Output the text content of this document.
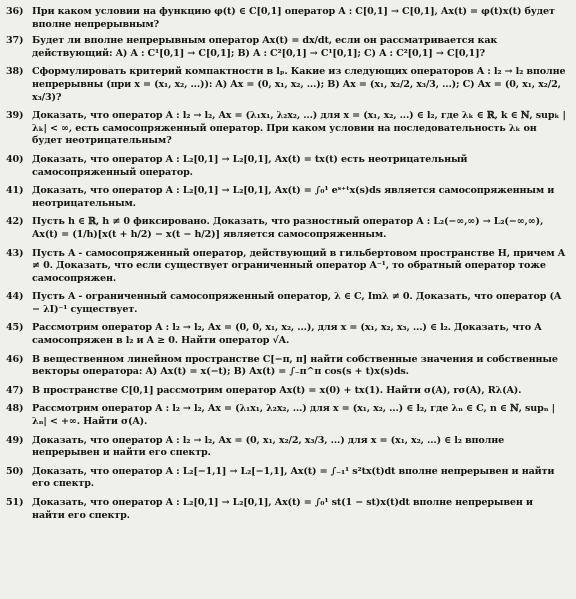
36) При каком условии на функцию φ(t) ∈ C[0,1] оператор A : C[0,1] → C[0,1], Ax(t) = φ(t)x(t) будет вполне непрерывным?
37) Будет ли вполне непрерывным оператор Ax(t) = dx/dt, если он рассматривается как действующий: A) A : C¹[0,1] → C[0,1]; B) A : C²[0,1] → C¹[0,1]; C) A : C²[0,1] → C[0,1]?
38) Сформулировать критерий компактности в lₚ. Какие из следующих операторов A : l₂ → l₂ вполне непрерывны (при x = (x₁, x₂, ...)): A) Ax = (0, x₁, x₂, ...); B) Ax = (x₁, x₂/2, x₃/3, ...); C) Ax = (0, x₁, x₂/2, x₃/3)?
39) Доказать, что оператор A : l₂ → l₂, Ax = (λ₁x₁, λ₂x₂, ...) для x = (x₁, x₂, ...) ∈ l₂, где λₖ ∈ ℝ, k ∈ ℕ, supₖ |λₖ| < ∞, есть самосопряженный оператор. При каком условии на последовательность λₖ он будет неотрицательным?
40) Доказать, что оператор A : L₂[0,1] → L₂[0,1], Ax(t) = tx(t) есть неотрицательный самосопряженный оператор.
41) Доказать, что оператор A : L₂[0,1] → L₂[0,1], Ax(t) = ∫₀¹ eˢ⁺ᵗx(s)ds является самосопряженным и неотрицательным.
42) Пусть h ∈ ℝ, h ≠ 0 фиксировано. Доказать, что разностный оператор A : L₂(−∞,∞) → L₂(−∞,∞), Ax(t) = (1/h)[x(t + h/2) − x(t − h/2)] является самосопряженным.
43) Пусть A - самосопряженный оператор, действующий в гильбертовом пространстве H, причем A ≠ 0. Доказать, что если существует ограниченный оператор A⁻¹, то обратный оператор тоже самосопряжен.
44) Пусть A - ограниченный самосопряженный оператор, λ ∈ C, Imλ ≠ 0. Доказать, что оператор (A − λI)⁻¹ существует.
45) Рассмотрим оператор A : l₂ → l₂, Ax = (0, 0, x₁, x₂, ...), для x = (x₁, x₂, x₃, ...) ∈ l₂. Доказать, что A самосопряжен в l₂ и A ≥ 0. Найти оператор √A.
46) В вещественном линейном пространстве C[−π, π] найти собственные значения и собственные векторы оператора: A) Ax(t) = x(−t); B) Ax(t) = ∫₋π^π cos(s + t)x(s)ds.
47) В пространстве C[0,1] рассмотрим оператор Ax(t) = x(0) + tx(1). Найти σ(A), rσ(A), Rλ(A).
48) Рассмотрим оператор A : l₂ → l₂, Ax = (λ₁x₁, λ₂x₂, ...) для x = (x₁, x₂, ...) ∈ l₂, где λₙ ∈ C, n ∈ ℕ, supₙ |λₙ| < +∞. Найти σ(A).
49) Доказать, что оператор A : l₂ → l₂, Ax = (0, x₁, x₂/2, x₃/3, ...) для x = (x₁, x₂, ...) ∈ l₂ вполне непрерывен и найти его спектр.
50) Доказать, что оператор A : L₂[−1,1] → L₂[−1,1], Ax(t) = ∫₋₁¹ s²tx(t)dt вполне непрерывен и найти его спектр.
51) Доказать, что оператор A : L₂[0,1] → L₂[0,1], Ax(t) = ∫₀¹ st(1 − st)x(t)dt вполне непрерывен и найти его спектр.
